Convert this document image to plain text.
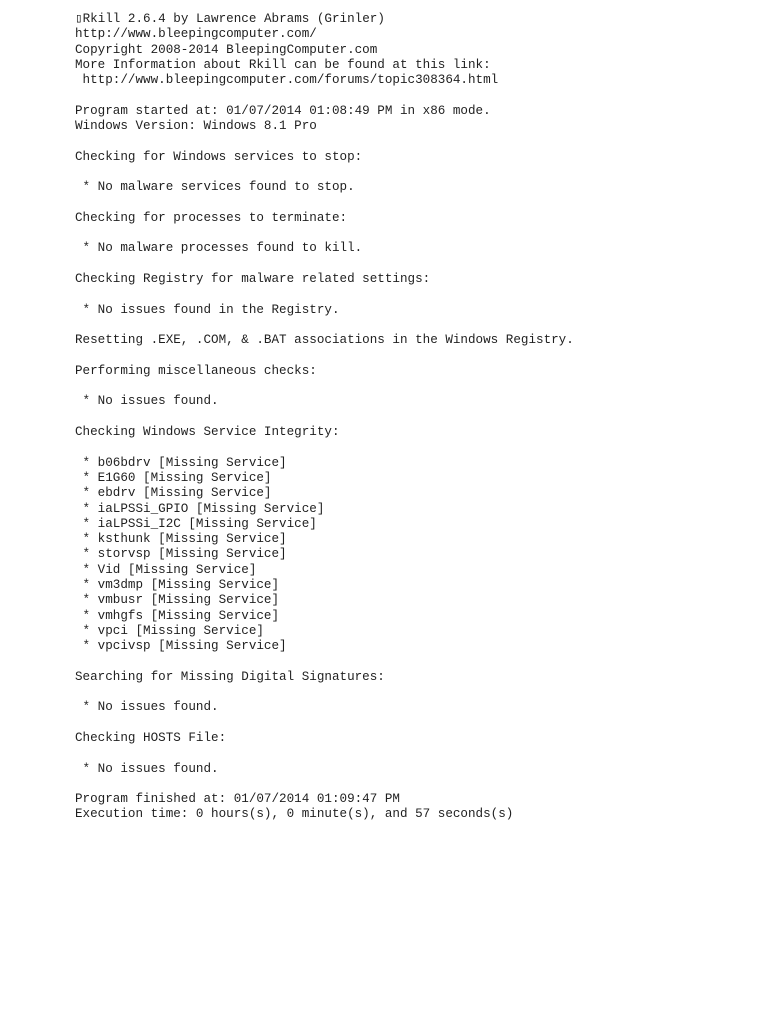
▯Rkill 2.6.4 by Lawrence Abrams (Grinler)
http://www.bleepingcomputer.com/
Copyright 2008-2014 BleepingComputer.com
More Information about Rkill can be found at this link:
http://www.bleepingcomputer.com/forums/topic308364.html
Program started at: 01/07/2014 01:08:49 PM in x86 mode.
Windows Version: Windows 8.1 Pro
Checking for Windows services to stop:
* No malware services found to stop.
Checking for processes to terminate:
* No malware processes found to kill.
Checking Registry for malware related settings:
* No issues found in the Registry.
Resetting .EXE, .COM, & .BAT associations in the Windows Registry.
Performing miscellaneous checks:
* No issues found.
Checking Windows Service Integrity:
* b06bdrv [Missing Service]
* E1G60 [Missing Service]
* ebdrv [Missing Service]
* iaLPSSi_GPIO [Missing Service]
* iaLPSSi_I2C [Missing Service]
* ksthunk [Missing Service]
* storvsp [Missing Service]
* Vid [Missing Service]
* vm3dmp [Missing Service]
* vmbusr [Missing Service]
* vmhgfs [Missing Service]
* vpci [Missing Service]
* vpcivsp [Missing Service]
Searching for Missing Digital Signatures:
* No issues found.
Checking HOSTS File:
* No issues found.
Program finished at: 01/07/2014 01:09:47 PM
Execution time: 0 hours(s), 0 minute(s), and 57 seconds(s)
